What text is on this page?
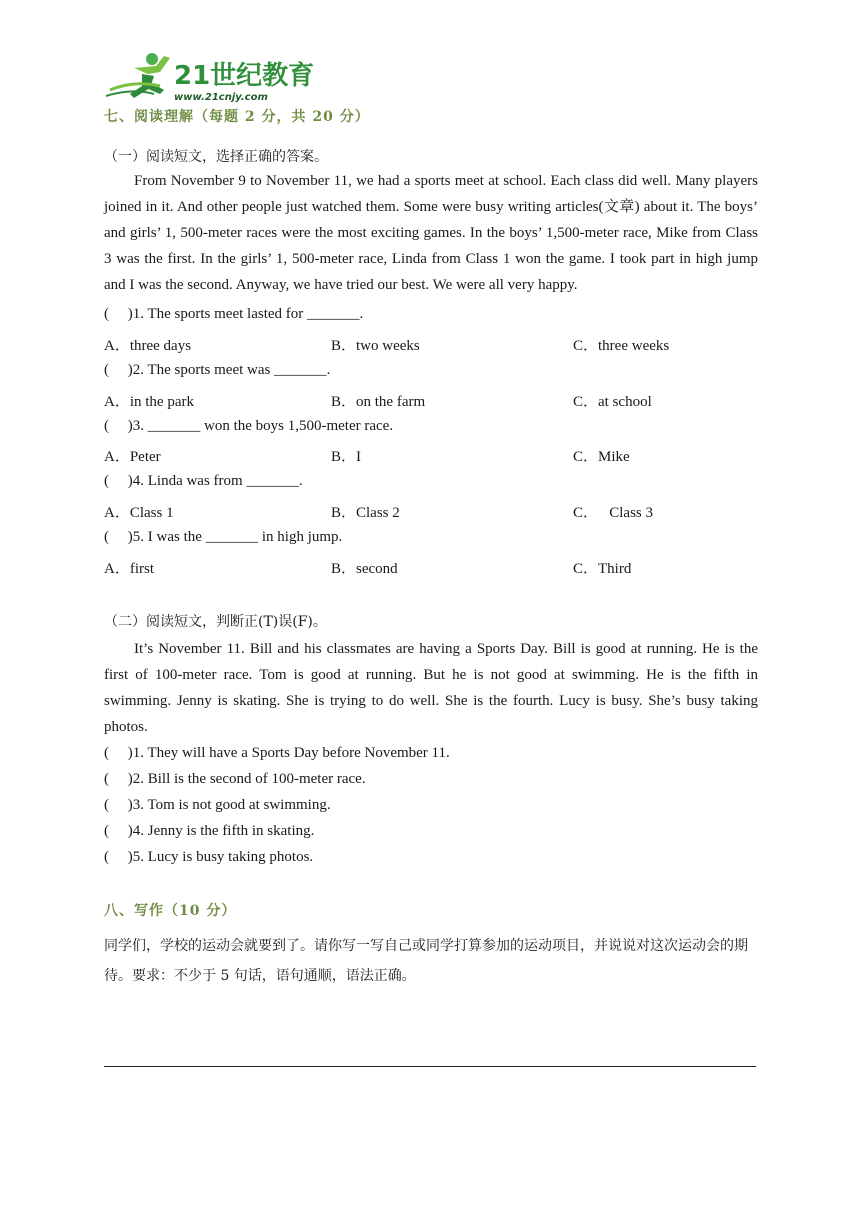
21世纪教育
www.21cnjy.com
七、阅读理解（每题 2 分，共 20 分）
（一）阅读短文，选择正确的答案。

From November 9 to November 11, we had a sports meet at school. Each class did well. Many players joined in it. And other people just watched them. Some were busy writing articles(文章) about it. The boys’ and girls’ 1, 500-meter races were the most exciting games. In the boys’ 1,500-meter race, Mike from Class 3 was the first. In the girls’ 1, 500-meter race, Linda from Class 1 won the game. I took part in high jump and I was the second. Anyway, we have tried our best. We were all very happy.

(     )1. The sports meet lasted for _______.
A．three days	B．two weeks	C．three weeks
(     )2. The sports meet was _______.
A．in the park	B．on the farm	C．at school
(     )3. _______ won the boys 1,500-meter race.
A．Peter	B．I	C．Mike
(     )4. Linda was from _______.
A．Class 1	B．Class 2	C．   Class 3
(     )5. I was the _______ in high jump.
A．first	B．second	C．Third
（二）阅读短文，判断正(T)误(F)。

It’s November 11. Bill and his classmates are having a Sports Day. Bill is good at running. He is the first of 100-meter race. Tom is good at running. But he is not good at swimming. He is the fifth in swimming. Jenny is skating. She is trying to do well. She is the fourth. Lucy is busy. She’s busy taking photos.

(     )1. They will have a Sports Day before November 11.
(     )2. Bill is the second of 100-meter race.
(     )3. Tom is not good at swimming.
(     )4. Jenny is the fifth in skating.
(     )5. Lucy is busy taking photos.
八、写作（10 分）

同学们，学校的运动会就要到了。请你写一写自己或同学打算参加的运动项目，并说说对这次运动会的期待。要求：不少于 5 句话，语句通顺，语法正确。
